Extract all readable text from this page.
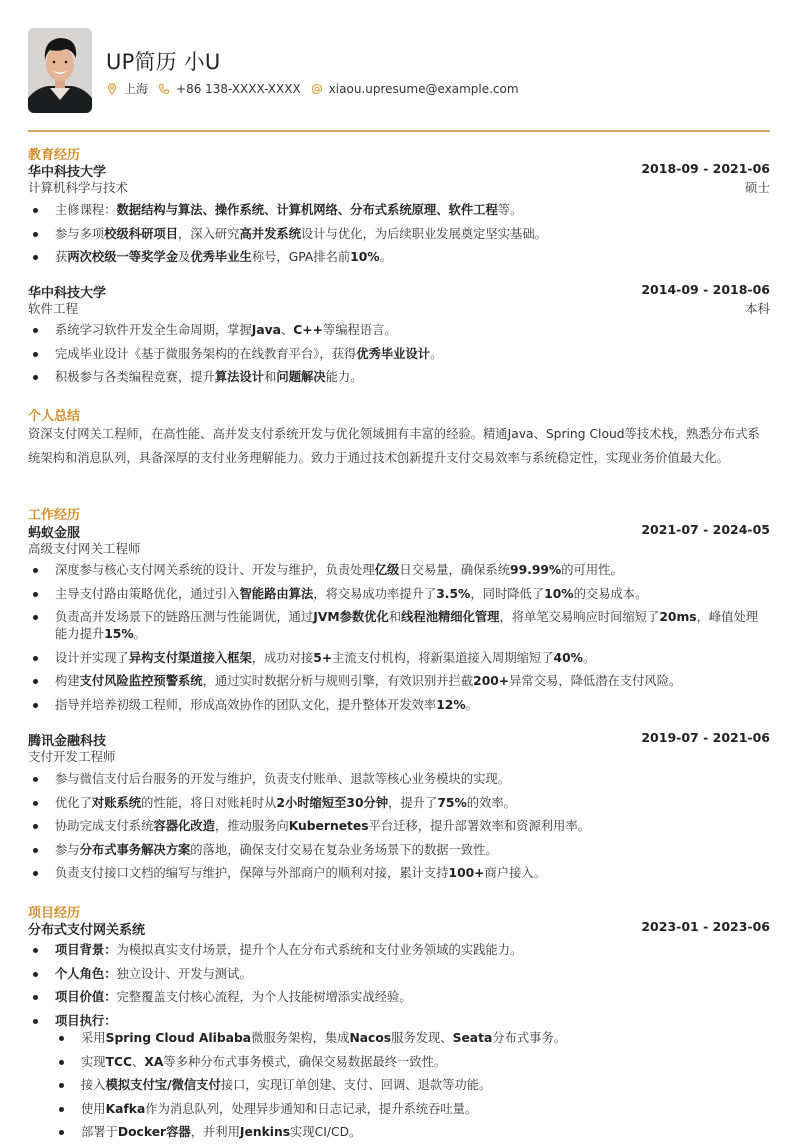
UP简历 小U
上海 +86 138-XXXX-XXXX xiaou.upresume@example.com
教育经历
华中科技大学	2018-09 - 2021-06
计算机科学与技术	硕士
主修课程：数据结构与算法、操作系统、计算机网络、分布式系统原理、软件工程等。
参与多项校级科研项目，深入研究高并发系统设计与优化，为后续职业发展奠定坚实基础。
获两次校级一等奖学金及优秀毕业生称号，GPA排名前10%。
华中科技大学	2014-09 - 2018-06
软件工程	本科
系统学习软件开发全生命周期，掌握Java、C++等编程语言。
完成毕业设计《基于微服务架构的在线教育平台》，获得优秀毕业设计。
积极参与各类编程竞赛，提升算法设计和问题解决能力。
个人总结
资深支付网关工程师，在高性能、高并发支付系统开发与优化领域拥有丰富的经验。精通Java、Spring Cloud等技术栈，熟悉分布式系统架构和消息队列，具备深厚的支付业务理解能力。致力于通过技术创新提升支付交易效率与系统稳定性，实现业务价值最大化。
工作经历
蚂蚁金服	2021-07 - 2024-05
高级支付网关工程师
深度参与核心支付网关系统的设计、开发与维护，负责处理亿级日交易量，确保系统99.99%的可用性。
主导支付路由策略优化，通过引入智能路由算法，将交易成功率提升了3.5%，同时降低了10%的交易成本。
负责高并发场景下的链路压测与性能调优，通过JVM参数优化和线程池精细化管理，将单笔交易响应时间缩短了20ms，峰值处理能力提升15%。
设计并实现了异构支付渠道接入框架，成功对接5+主流支付机构，将新渠道接入周期缩短了40%。
构建支付风险监控预警系统，通过实时数据分析与规则引擎，有效识别并拦截200+异常交易，降低潜在支付风险。
指导并培养初级工程师，形成高效协作的团队文化，提升整体开发效率12%。
腾讯金融科技	2019-07 - 2021-06
支付开发工程师
参与微信支付后台服务的开发与维护，负责支付账单、退款等核心业务模块的实现。
优化了对账系统的性能，将日对账耗时从2小时缩短至30分钟，提升了75%的效率。
协助完成支付系统容器化改造，推动服务向Kubernetes平台迁移，提升部署效率和资源利用率。
参与分布式事务解决方案的落地，确保支付交易在复杂业务场景下的数据一致性。
负责支付接口文档的编写与维护，保障与外部商户的顺利对接，累计支持100+商户接入。
项目经历
分布式支付网关系统	2023-01 - 2023-06
项目背景：为模拟真实支付场景，提升个人在分布式系统和支付业务领域的实践能力。
个人角色：独立设计、开发与测试。
项目价值：完整覆盖支付核心流程，为个人技能树增添实战经验。
项目执行：
采用Spring Cloud Alibaba微服务架构，集成Nacos服务发现、Seata分布式事务。
实现TCC、XA等多种分布式事务模式，确保交易数据最终一致性。
接入模拟支付宝/微信支付接口，实现订单创建、支付、回调、退款等功能。
使用Kafka作为消息队列，处理异步通知和日志记录，提升系统吞吐量。
部署于Docker容器，并利用Jenkins实现CI/CD。
